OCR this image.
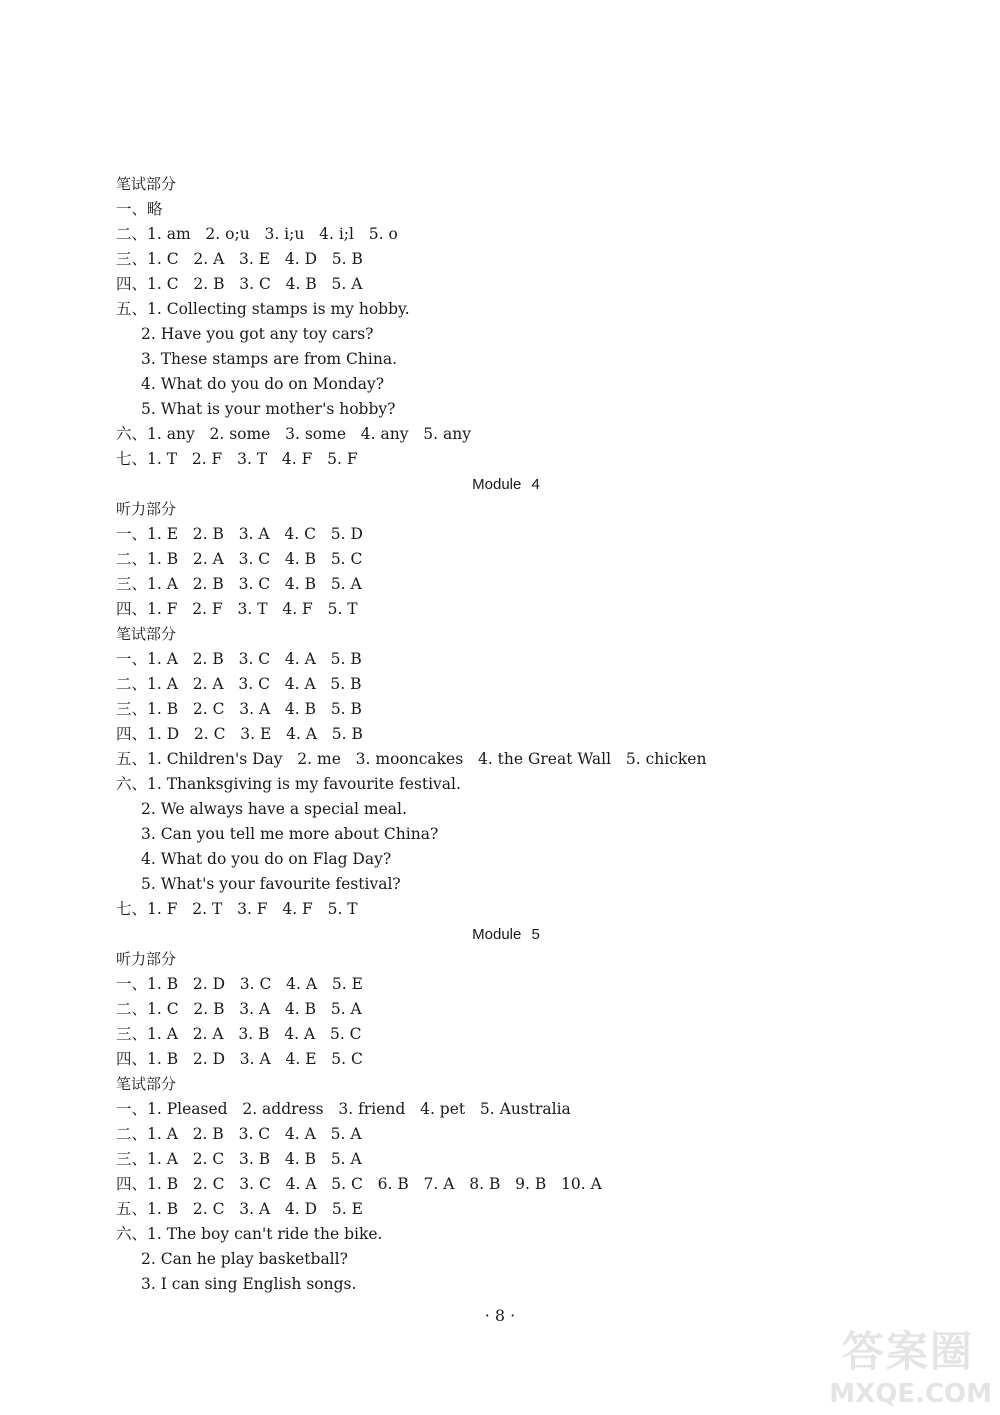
笔试部分
一、略
二、1. am   2. o;u   3. i;u   4. i;l   5. o
三、1. C   2. A   3. E   4. D   5. B
四、1. C   2. B   3. C   4. B   5. A
五、1. Collecting stamps is my hobby.
2. Have you got any toy cars?
3. These stamps are from China.
4. What do you do on Monday?
5. What is your mother's hobby?
六、1. any   2. some   3. some   4. any   5. any
七、1. T   2. F   3. T   4. F   5. F
Module 4
听力部分
一、1. E   2. B   3. A   4. C   5. D
二、1. B   2. A   3. C   4. B   5. C
三、1. A   2. B   3. C   4. B   5. A
四、1. F   2. F   3. T   4. F   5. T
笔试部分
一、1. A   2. B   3. C   4. A   5. B
二、1. A   2. A   3. C   4. A   5. B
三、1. B   2. C   3. A   4. B   5. B
四、1. D   2. C   3. E   4. A   5. B
五、1. Children's Day   2. me   3. mooncakes   4. the Great Wall   5. chicken
六、1. Thanksgiving is my favourite festival.
2. We always have a special meal.
3. Can you tell me more about China?
4. What do you do on Flag Day?
5. What's your favourite festival?
七、1. F   2. T   3. F   4. F   5. T
Module 5
听力部分
一、1. B   2. D   3. C   4. A   5. E
二、1. C   2. B   3. A   4. B   5. A
三、1. A   2. A   3. B   4. A   5. C
四、1. B   2. D   3. A   4. E   5. C
笔试部分
一、1. Pleased   2. address   3. friend   4. pet   5. Australia
二、1. A   2. B   3. C   4. A   5. A
三、1. A   2. C   3. B   4. B   5. A
四、1. B   2. C   3. C   4. A   5. C   6. B   7. A   8. B   9. B   10. A
五、1. B   2. C   3. A   4. D   5. E
六、1. The boy can't ride the bike.
2. Can he play basketball?
3. I can sing English songs.
· 8 ·
答案圈
MXQE.COM
